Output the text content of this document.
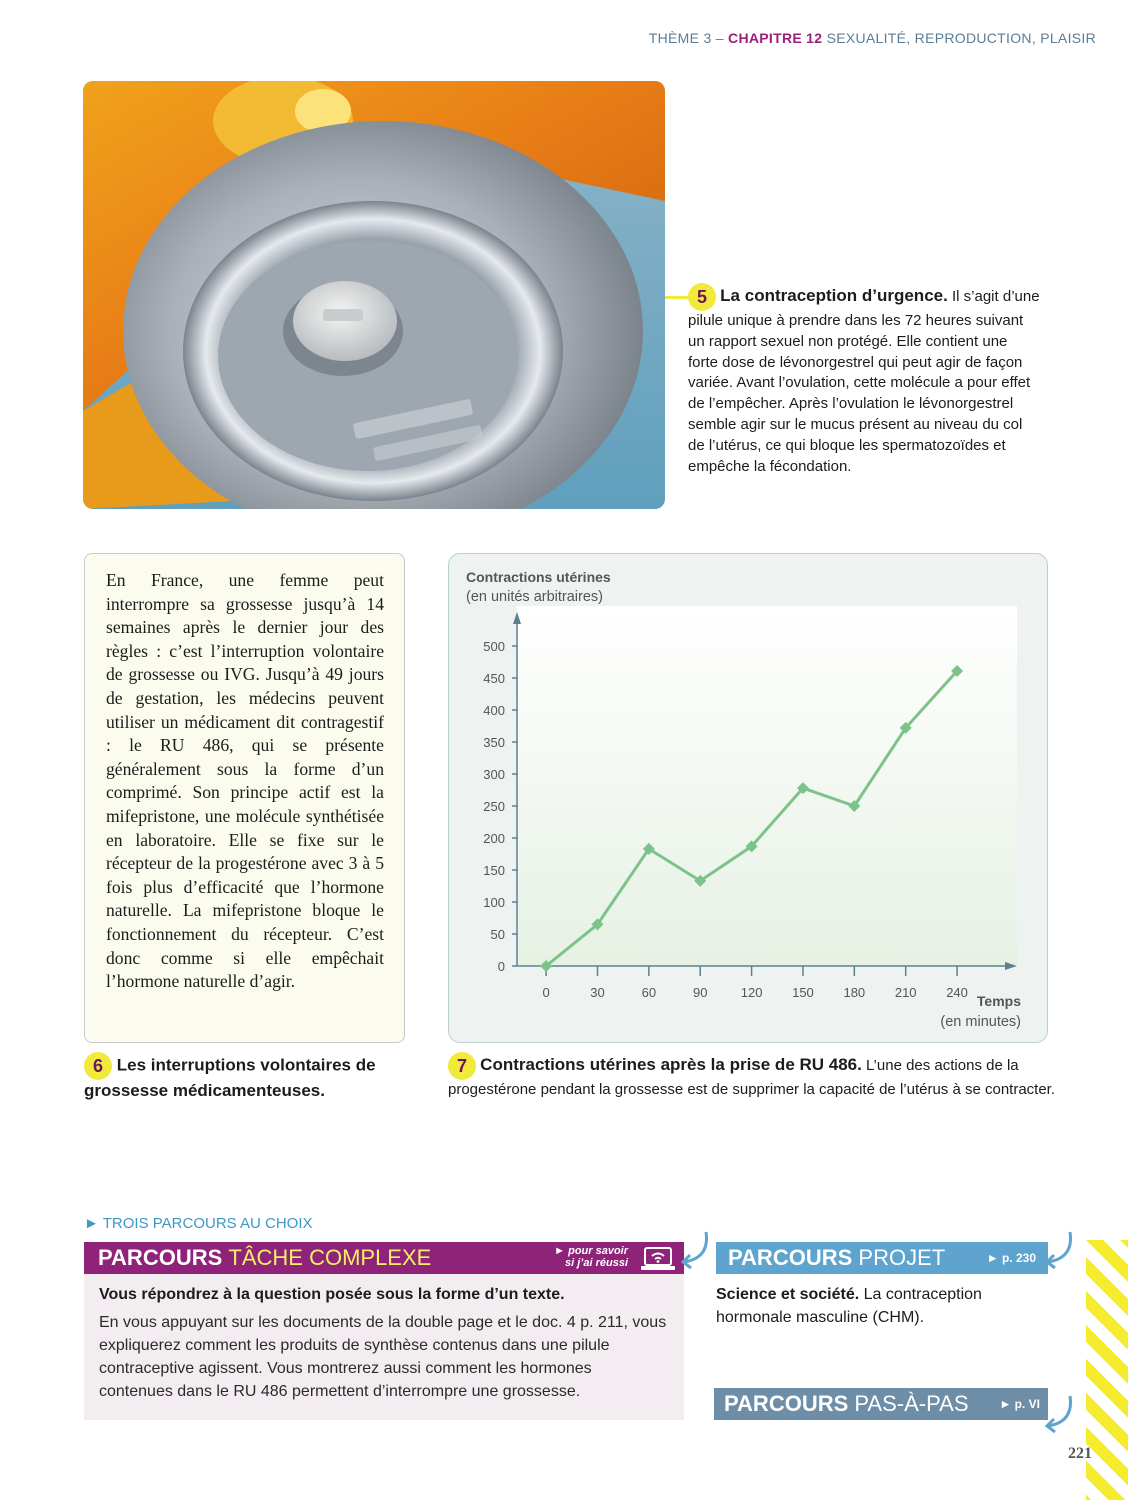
THÈME 3 – CHAPITRE 12 SEXUALITÉ, REPRODUCTION, PLAISIR
5 La contraception d’urgence. Il s’agit d’une pilule unique à prendre dans les 72 heures suivant un rapport sexuel non protégé. Elle contient une forte dose de lévonorgestrel qui peut agir de façon variée. Avant l’ovulation, cette molécule a pour effet de l’empêcher. Après l’ovulation le lévonorgestrel semble agir sur le mucus présent au niveau du col de l’utérus, ce qui bloque les spermatozoïdes et empêche la fécondation.

En France, une femme peut interrompre sa grossesse jusqu’à 14 semaines après le dernier jour des règles : c’est l’interruption volontaire de grossesse ou IVG. Jusqu’à 49 jours de gestation, les médecins peuvent utiliser un médicament dit contragestif : le RU 486, qui se présente généralement sous la forme d’un comprimé. Son principe actif est la mifepristone, une molécule synthétisée en laboratoire. Elle se fixe sur le récepteur de la progestérone avec 3 à 5 fois plus d’efficacité que l’hormone naturelle. La mifepristone bloque le fonctionnement du récepteur. C’est donc comme si elle empêchait l’hormone naturelle d’agir.

6 Les interruptions volontaires de grossesse médicamenteuses.
Contractions utérines
(en unités arbitraires)
Temps
(en minutes)
0
50
100
150
200
250
300
350
400
450
500
0	30	60	90	120 150 180 210 240
7 Contractions utérines après la prise de RU 486. L’une des actions de la progestérone pendant la grossesse est de supprimer la capacité de l’utérus à se contracter.
► TROIS PARCOURS AU CHOIX
PARCOURS TÂCHE COMPLEXE	► pour savoir
si j’ai réussi
Vous répondrez à la question posée sous la forme d’un texte.
En vous appuyant sur les documents de la double page et le doc. 4 p. 211, vous expliquerez comment les produits de synthèse contenus dans une pilule contraceptive agissent. Vous montrerez aussi comment les hormones contenues dans le RU 486 permettent d’interrompre une grossesse.
PARCOURS PROJET	► p. 230
Science et société. La contraception hormonale masculine (CHM).
PARCOURS PAS-À-PAS	► p. VI
221
